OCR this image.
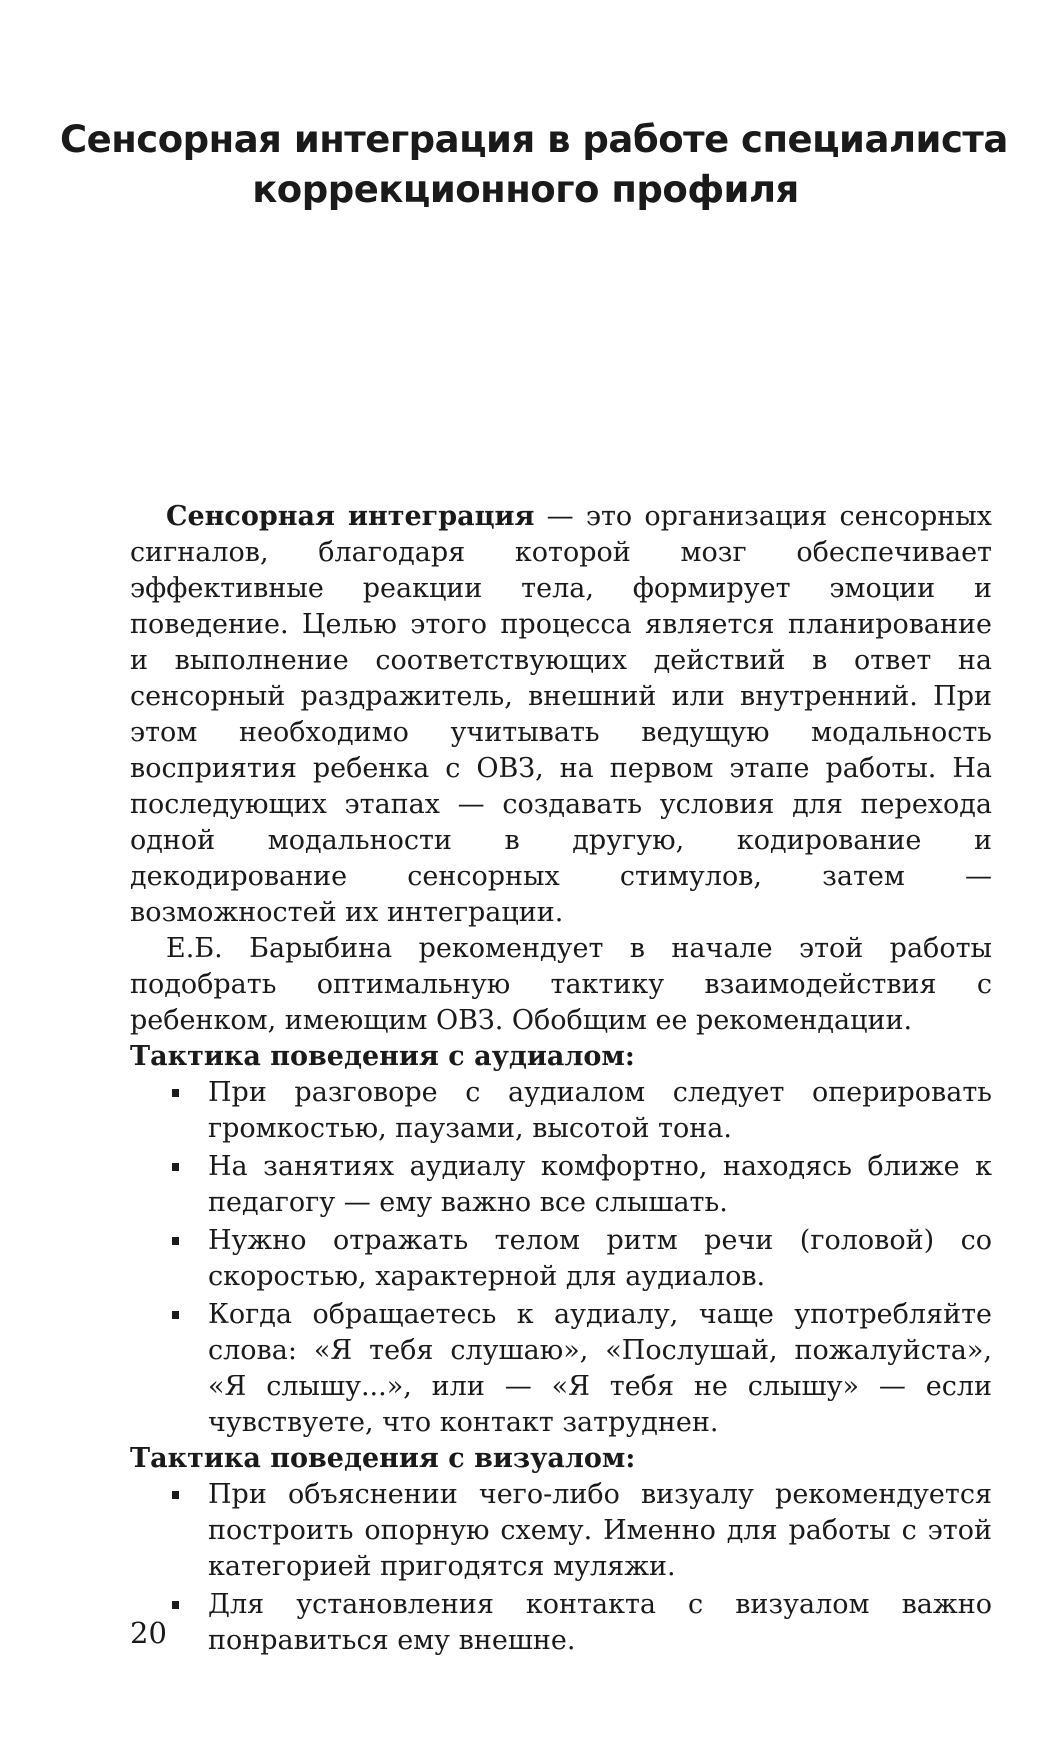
Сенсорная интеграция в работе специалиста
коррекционного профиля

Сенсорная интеграция — это организация сенсорных сигналов, благодаря которой мозг обеспечивает эффективные реакции тела, формирует эмоции и поведение. Целью этого процесса является планирование и выполнение соответствующих действий в ответ на сенсорный раздражитель, внешний или внутренний. При этом необходимо учитывать ведущую модальность восприятия ребенка с ОВЗ, на первом этапе работы. На последующих этапах — создавать условия для перехода одной модальности в другую, кодирование и декодирование сенсорных стимулов, затем — возможностей их интеграции.

Е.Б. Барыбина рекомендует в начале этой работы подобрать оптимальную тактику взаимодействия с ребенком, имеющим ОВЗ. Обобщим ее рекомендации.

Тактика поведения с аудиалом:

При разговоре с аудиалом следует оперировать громкостью, паузами, высотой тона.
На занятиях аудиалу комфортно, находясь ближе к педагогу — ему важно все слышать.
Нужно отражать телом ритм речи (головой) со скоростью, характерной для аудиалов.
Когда обращаетесь к аудиалу, чаще употребляйте слова: «Я тебя слушаю», «Послушай, пожалуйста», «Я слышу...», или — «Я тебя не слышу» — если чувствуете, что контакт затруднен.

Тактика поведения с визуалом:

При объяснении чего-либо визуалу рекомендуется построить опорную схему. Именно для работы с этой категорией пригодятся муляжи.
Для установления контакта с визуалом важно понравиться ему внешне.
20
